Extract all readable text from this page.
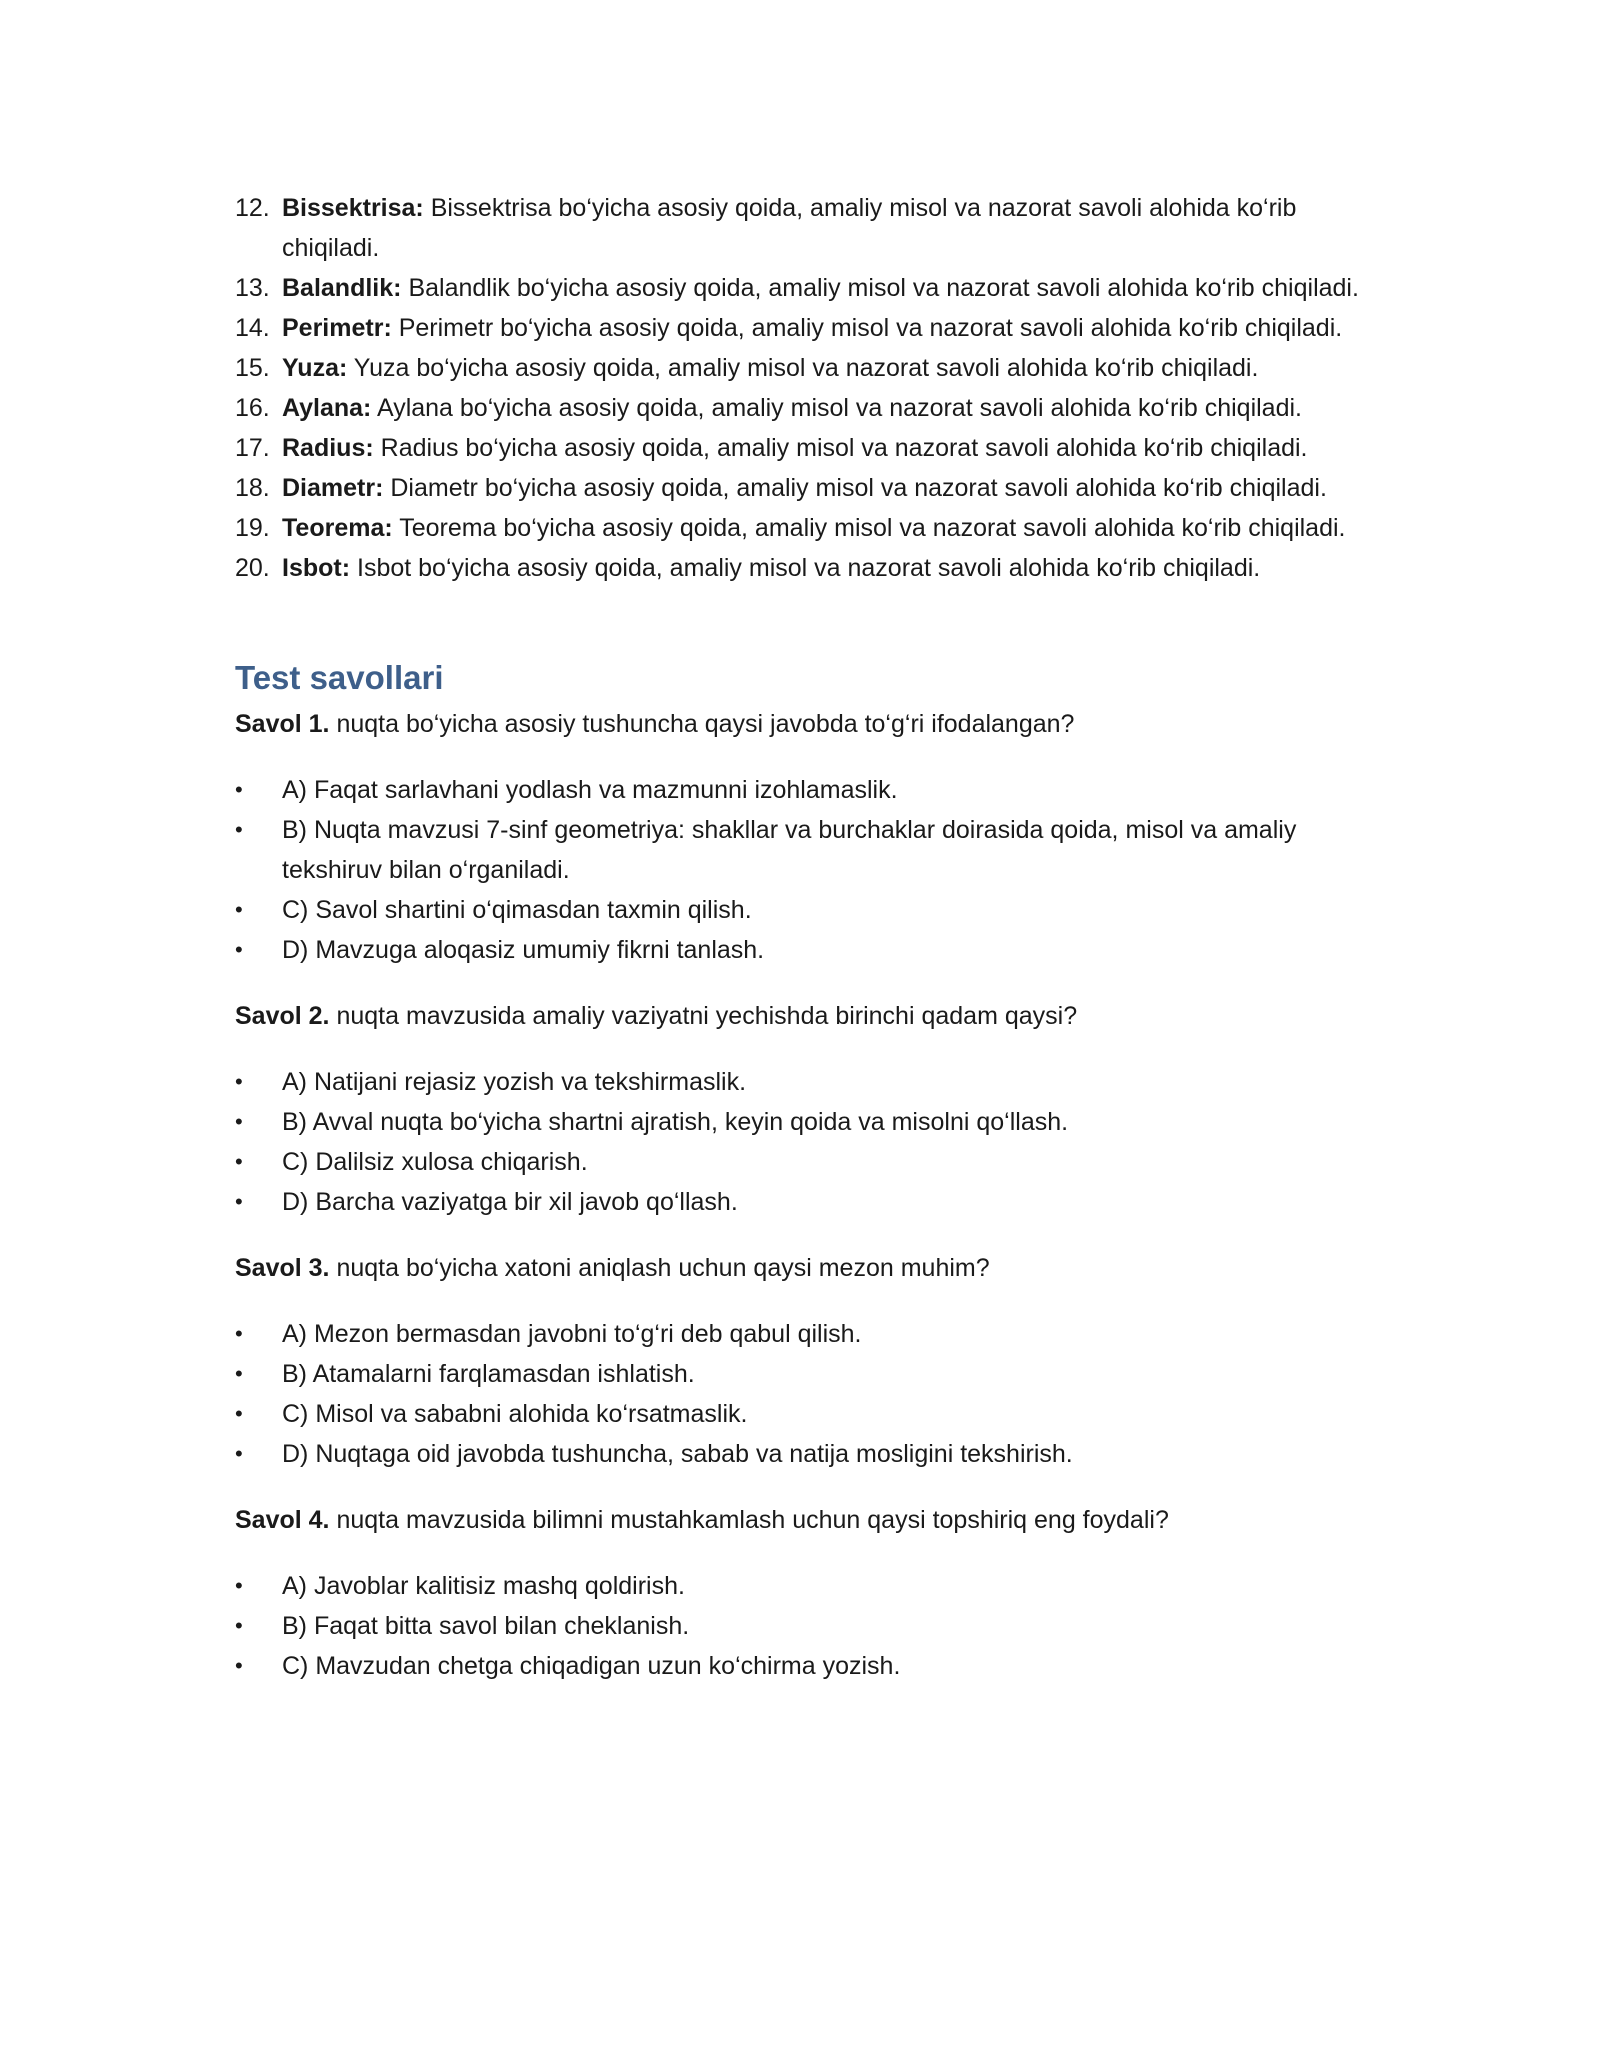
12. Bissektrisa: Bissektrisa bo‘yicha asosiy qoida, amaliy misol va nazorat savoli alohida ko‘rib chiqiladi.
13. Balandlik: Balandlik bo‘yicha asosiy qoida, amaliy misol va nazorat savoli alohida ko‘rib chiqiladi.
14. Perimetr: Perimetr bo‘yicha asosiy qoida, amaliy misol va nazorat savoli alohida ko‘rib chiqiladi.
15. Yuza: Yuza bo‘yicha asosiy qoida, amaliy misol va nazorat savoli alohida ko‘rib chiqiladi.
16. Aylana: Aylana bo‘yicha asosiy qoida, amaliy misol va nazorat savoli alohida ko‘rib chiqiladi.
17. Radius: Radius bo‘yicha asosiy qoida, amaliy misol va nazorat savoli alohida ko‘rib chiqiladi.
18. Diametr: Diametr bo‘yicha asosiy qoida, amaliy misol va nazorat savoli alohida ko‘rib chiqiladi.
19. Teorema: Teorema bo‘yicha asosiy qoida, amaliy misol va nazorat savoli alohida ko‘rib chiqiladi.
20. Isbot: Isbot bo‘yicha asosiy qoida, amaliy misol va nazorat savoli alohida ko‘rib chiqiladi.
Test savollari
Savol 1. nuqta bo‘yicha asosiy tushuncha qaysi javobda to‘g‘ri ifodalangan?
• A) Faqat sarlavhani yodlash va mazmunni izohlamaslik.
• B) Nuqta mavzusi 7-sinf geometriya: shakllar va burchaklar doirasida qoida, misol va amaliy tekshiruv bilan o‘rganiladi.
• C) Savol shartini o‘qimasdan taxmin qilish.
• D) Mavzuga aloqasiz umumiy fikrni tanlash.
Savol 2. nuqta mavzusida amaliy vaziyatni yechishda birinchi qadam qaysi?
• A) Natijani rejasiz yozish va tekshirmaslik.
• B) Avval nuqta bo‘yicha shartni ajratish, keyin qoida va misolni qo‘llash.
• C) Dalilsiz xulosa chiqarish.
• D) Barcha vaziyatga bir xil javob qo‘llash.
Savol 3. nuqta bo‘yicha xatoni aniqlash uchun qaysi mezon muhim?
• A) Mezon bermasdan javobni to‘g‘ri deb qabul qilish.
• B) Atamalarni farqlamasdan ishlatish.
• C) Misol va sababni alohida ko‘rsatmaslik.
• D) Nuqtaga oid javobda tushuncha, sabab va natija mosligini tekshirish.
Savol 4. nuqta mavzusida bilimni mustahkamlash uchun qaysi topshiriq eng foydali?
• A) Javoblar kalitisiz mashq qoldirish.
• B) Faqat bitta savol bilan cheklanish.
• C) Mavzudan chetga chiqadigan uzun ko‘chirma yozish.
